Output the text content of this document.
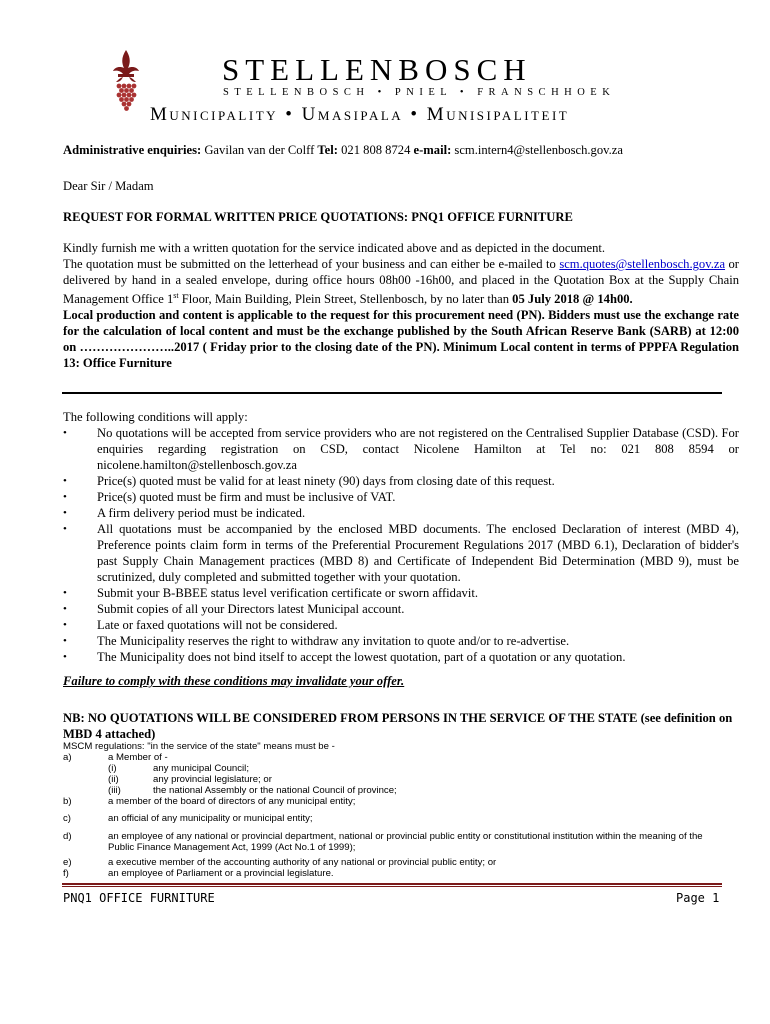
STELLENBOSCH
STELLENBOSCH • PNIEL • FRANSCHHOEK
Municipality • Umasipala • Munisipaliteit
Administrative enquiries: Gavilan van der Colff Tel: 021 808 8724 e-mail: scm.intern4@stellenbosch.gov.za
Dear Sir / Madam
REQUEST FOR FORMAL WRITTEN PRICE QUOTATIONS: PNQ1 OFFICE FURNITURE

Kindly furnish me with a written quotation for the service indicated above and as depicted in the document.

The quotation must be submitted on the letterhead of your business and can either be e-mailed to scm.quotes@stellenbosch.gov.za or delivered by hand in a sealed envelope, during office hours 08h00 -16h00, and placed in the Quotation Box at the Supply Chain Management Office 1st Floor, Main Building, Plein Street, Stellenbosch, by no later than 05 July 2018 @ 14h00.

Local production and content is applicable to the request for this procurement need (PN). Bidders must use the exchange rate for the calculation of local content and must be the exchange published by the South African Reserve Bank (SARB) at 12:00 on …………………..2017 ( Friday prior to the closing date of the PN). Minimum Local content in terms of PPPFA Regulation 13: Office Furniture

The following conditions will apply:
• No quotations will be accepted from service providers who are not registered on the Centralised Supplier Database (CSD). For enquiries regarding registration on CSD, contact Nicolene Hamilton at Tel no: 021 808 8594 or nicolene.hamilton@stellenbosch.gov.za
• Price(s) quoted must be valid for at least ninety (90) days from closing date of this request.
• Price(s) quoted must be firm and must be inclusive of VAT.
• A firm delivery period must be indicated.
• All quotations must be accompanied by the enclosed MBD documents. The enclosed Declaration of interest (MBD 4), Preference points claim form in terms of the Preferential Procurement Regulations 2017 (MBD 6.1), Declaration of bidder's past Supply Chain Management practices (MBD 8) and Certificate of Independent Bid Determination (MBD 9), must be scrutinized, duly completed and submitted together with your quotation.
• Submit your B-BBEE status level verification certificate or sworn affidavit.
• Submit copies of all your Directors latest Municipal account.
• Late or faxed quotations will not be considered.
• The Municipality reserves the right to withdraw any invitation to quote and/or to re-advertise.
• The Municipality does not bind itself to accept the lowest quotation, part of a quotation or any quotation.
Failure to comply with these conditions may invalidate your offer.
NB: NO QUOTATIONS WILL BE CONSIDERED FROM PERSONS IN THE SERVICE OF THE STATE (see definition on MBD 4 attached)
MSCM regulations: "in the service of the state" means must be -
a)	a Member of -
(i)	any municipal Council;
(ii)	any provincial legislature; or
(iii)	the national Assembly or the national Council of province;
b)	a member of the board of directors of any municipal entity;
c)	an official of any municipality or municipal entity;
d)	an employee of any national or provincial department, national or provincial public entity or constitutional institution within the meaning of the Public Finance Management Act, 1999 (Act No.1 of 1999);
e)	a executive member of the accounting authority of any national or provincial public entity; or
f)	an employee of Parliament or a provincial legislature.
PNQ1 OFFICE FURNITURE	Page 1
